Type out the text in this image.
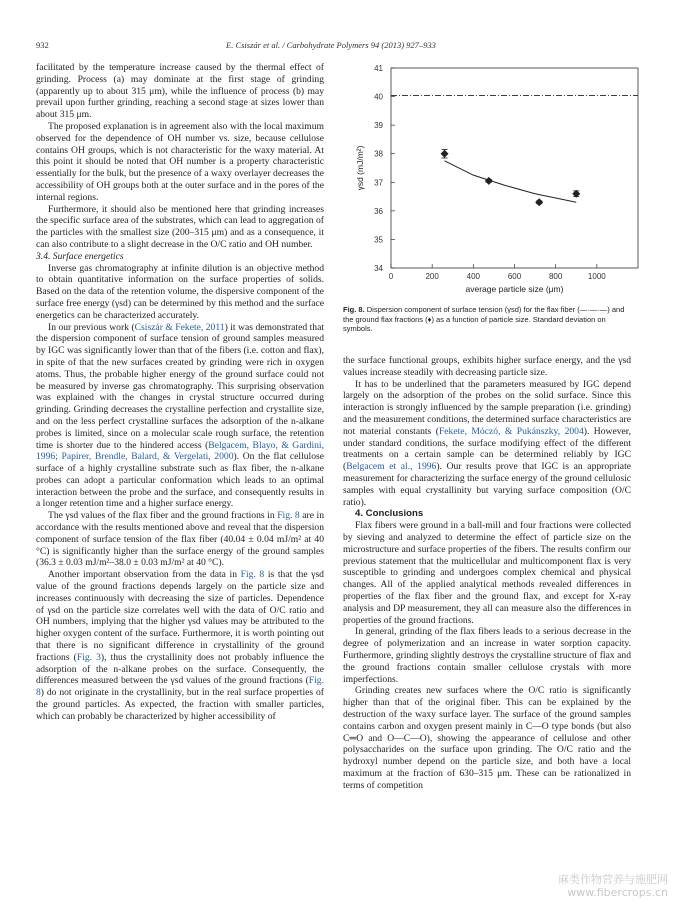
932	E. Csiszár et al. / Carbohydrate Polymers 94 (2013) 927–933

facilitated by the temperature increase caused by the thermal effect of grinding. Process (a) may dominate at the first stage of grinding (apparently up to about 315 μm), while the influence of process (b) may prevail upon further grinding, reaching a second stage at sizes lower than about 315 μm.

The proposed explanation is in agreement also with the local maximum observed for the dependence of OH number vs. size, because cellulose contains OH groups, which is not characteristic for the waxy material. At this point it should be noted that OH number is a property characteristic essentially for the bulk, but the presence of a waxy overlayer decreases the accessibility of OH groups both at the outer surface and in the pores of the internal regions.

Furthermore, it should also be mentioned here that grinding increases the specific surface area of the substrates, which can lead to aggregation of the particles with the smallest size (200–315 μm) and as a consequence, it can also contribute to a slight decrease in the O/C ratio and OH number.

3.4. Surface energetics

Inverse gas chromatography at infinite dilution is an objective method to obtain quantitative information on the surface properties of solids. Based on the data of the retention volume, the dispersive component of the surface free energy (γsd) can be determined by this method and the surface energetics can be characterized accurately.

In our previous work (Csiszár & Fekete, 2011) it was demonstrated that the dispersion component of surface tension of ground samples measured by IGC was significantly lower than that of the fibers (i.e. cotton and flax), in spite of that the new surfaces created by grinding were rich in oxygen atoms. Thus, the probable higher energy of the ground surface could not be measured by inverse gas chromatography. This surprising observation was explained with the changes in crystal structure occurred during grinding. Grinding decreases the crystalline perfection and crystallite size, and on the less perfect crystalline surfaces the adsorption of the n-alkane probes is limited, since on a molecular scale rough surface, the retention time is shorter due to the hindered access (Belgacem, Blayo, & Gardini, 1996; Papirer, Brendle, Balard, & Vergelati, 2000). On the flat cellulose surface of a highly crystalline substrate such as flax fiber, the n-alkane probes can adopt a particular conformation which leads to an optimal interaction between the probe and the surface, and consequently results in a longer retention time and a higher surface energy.

The γsd values of the flax fiber and the ground fractions in Fig. 8 are in accordance with the results mentioned above and reveal that the dispersion component of surface tension of the flax fiber (40.04 ± 0.04 mJ/m² at 40 °C) is significantly higher than the surface energy of the ground samples (36.3 ± 0.03 mJ/m²–38.0 ± 0.03 mJ/m² at 40 °C).

Another important observation from the data in Fig. 8 is that the γsd value of the ground fractions depends largely on the particle size and increases continuously with decreasing the size of particles. Dependence of γsd on the particle size correlates well with the data of O/C ratio and OH numbers, implying that the higher γsd values may be attributed to the higher oxygen content of the surface. Furthermore, it is worth pointing out that there is no significant difference in crystallinity of the ground fractions (Fig. 3), thus the crystallinity does not probably influence the adsorption of the n-alkane probes on the surface. Consequently, the differences measured between the γsd values of the ground fractions (Fig. 8) do not originate in the crystallinity, but in the real surface properties of the ground particles. As expected, the fraction with smaller particles, which can probably be characterized by higher accessibility of

0	200	400	600	800	1000
34
35
36
37
38
39
40
41
average particle size (μm)
γsd (mJ/m²)
Fig. 8. Dispersion component of surface tension (γsd) for the flax fiber (—·—·—) and the ground flax fractions (♦) as a function of particle size. Standard deviation on symbols.

the surface functional groups, exhibits higher surface energy, and the γsd values increase steadily with decreasing particle size.

It has to be underlined that the parameters measured by IGC depend largely on the adsorption of the probes on the solid surface. Since this interaction is strongly influenced by the sample preparation (i.e. grinding) and the measurement conditions, the determined surface characteristics are not material constants (Fekete, Móczó, & Pukánszky, 2004). However, under standard conditions, the surface modifying effect of the different treatments on a certain sample can be determined reliably by IGC (Belgacem et al., 1996). Our results prove that IGC is an appropriate measurement for characterizing the surface energy of the ground cellulosic samples with equal crystallinity but varying surface composition (O/C ratio).

4. Conclusions

Flax fibers were ground in a ball-mill and four fractions were collected by sieving and analyzed to determine the effect of particle size on the microstructure and surface properties of the fibers. The results confirm our previous statement that the multicellular and multicomponent flax is very susceptible to grinding and undergoes complex chemical and physical changes. All of the applied analytical methods revealed differences in properties of the flax fiber and the ground flax, and except for X-ray analysis and DP measurement, they all can measure also the differences in properties of the ground fractions.

In general, grinding of the flax fibers leads to a serious decrease in the degree of polymerization and an increase in water sorption capacity. Furthermore, grinding slightly destroys the crystalline structure of flax and the ground fractions contain smaller cellulose crystals with more imperfections.

Grinding creates new surfaces where the O/C ratio is significantly higher than that of the original fiber. This can be explained by the destruction of the waxy surface layer. The surface of the ground samples contains carbon and oxygen present mainly in C—O type bonds (but also C═O and O—C—O), showing the appearance of cellulose and other polysaccharides on the surface upon grinding. The O/C ratio and the hydroxyl number depend on the particle size, and both have a local maximum at the fraction of 630–315 μm. These can be rationalized in terms of competition

麻类作物营养与施肥网
www.fibercrops.cn
